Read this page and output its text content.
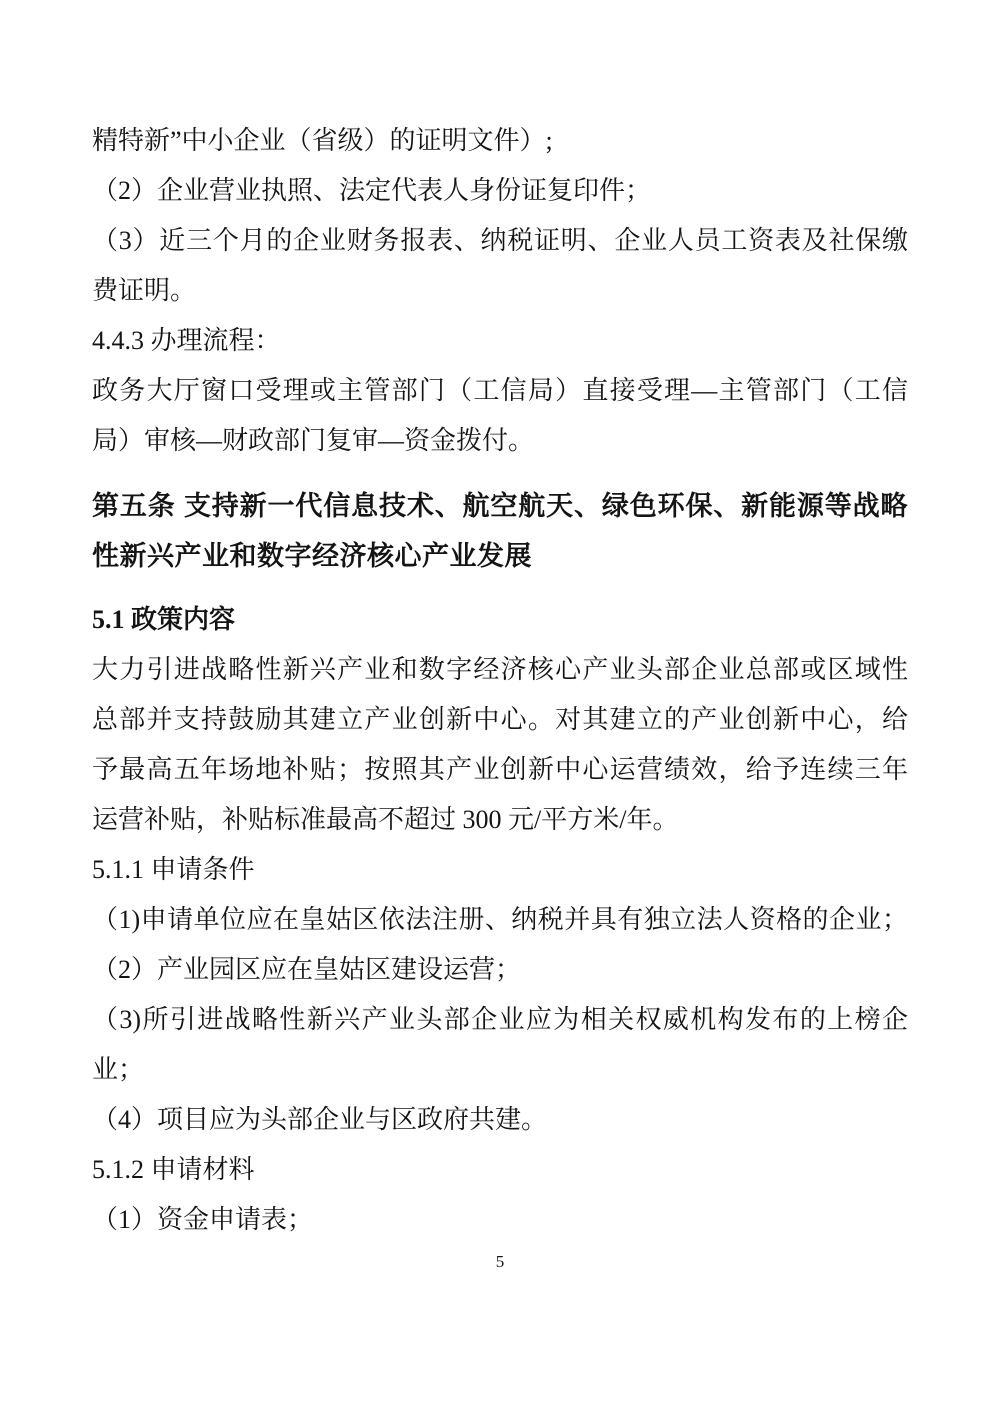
精特新”中小企业（省级）的证明文件）;
（2）企业营业执照、法定代表人身份证复印件；
（3）近三个月的企业财务报表、纳税证明、企业人员工资表及社保缴
费证明。
4.4.3 办理流程：
政务大厅窗口受理或主管部门（工信局）直接受理—主管部门（工信
局）审核—财政部门复审—资金拨付。
第五条 支持新一代信息技术、航空航天、绿色环保、新能源等战略
性新兴产业和数字经济核心产业发展
5.1 政策内容
大力引进战略性新兴产业和数字经济核心产业头部企业总部或区域性
总部并支持鼓励其建立产业创新中心。对其建立的产业创新中心，给
予最高五年场地补贴；按照其产业创新中心运营绩效，给予连续三年
运营补贴，补贴标准最高不超过 300 元/平方米/年。
5.1.1 申请条件
（1)申请单位应在皇姑区依法注册、纳税并具有独立法人资格的企业；
（2）产业园区应在皇姑区建设运营；
（3)所引进战略性新兴产业头部企业应为相关权威机构发布的上榜企
业；
（4）项目应为头部企业与区政府共建。
5.1.2 申请材料
（1）资金申请表；
5
